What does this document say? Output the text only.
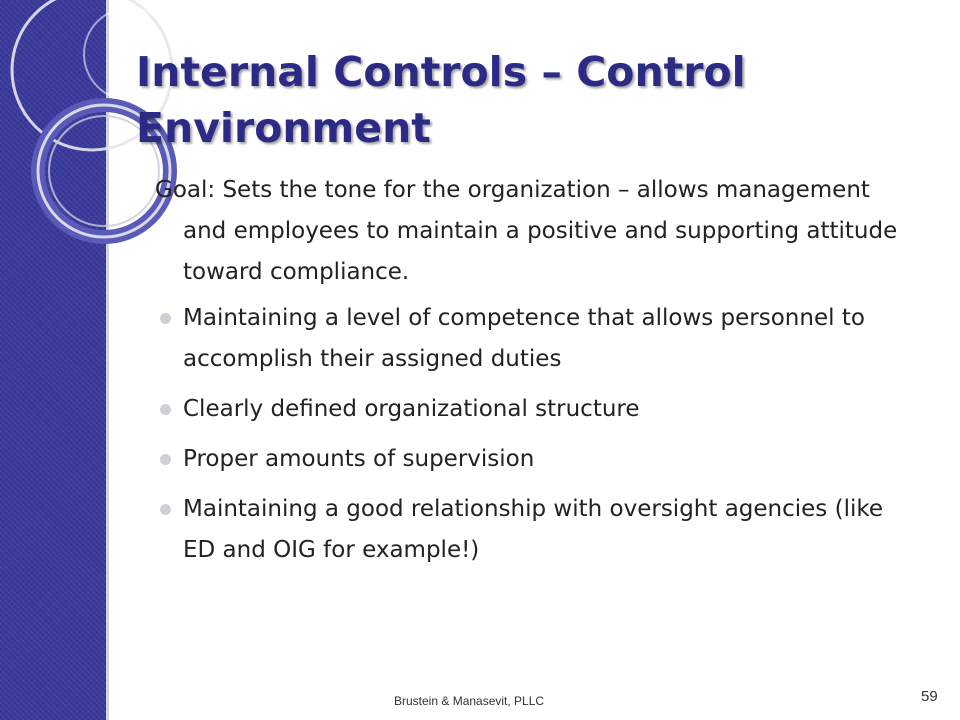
Internal Controls – Control Environment

Goal: Sets the tone for the organization – allows management and employees to maintain a positive and supporting attitude toward compliance.

Maintaining a level of competence that allows personnel to accomplish their assigned duties
Clearly defined organizational structure
Proper amounts of supervision
Maintaining a good relationship with oversight agencies (like ED and OIG for example!)
Brustein & Manasevit, PLLC	59
